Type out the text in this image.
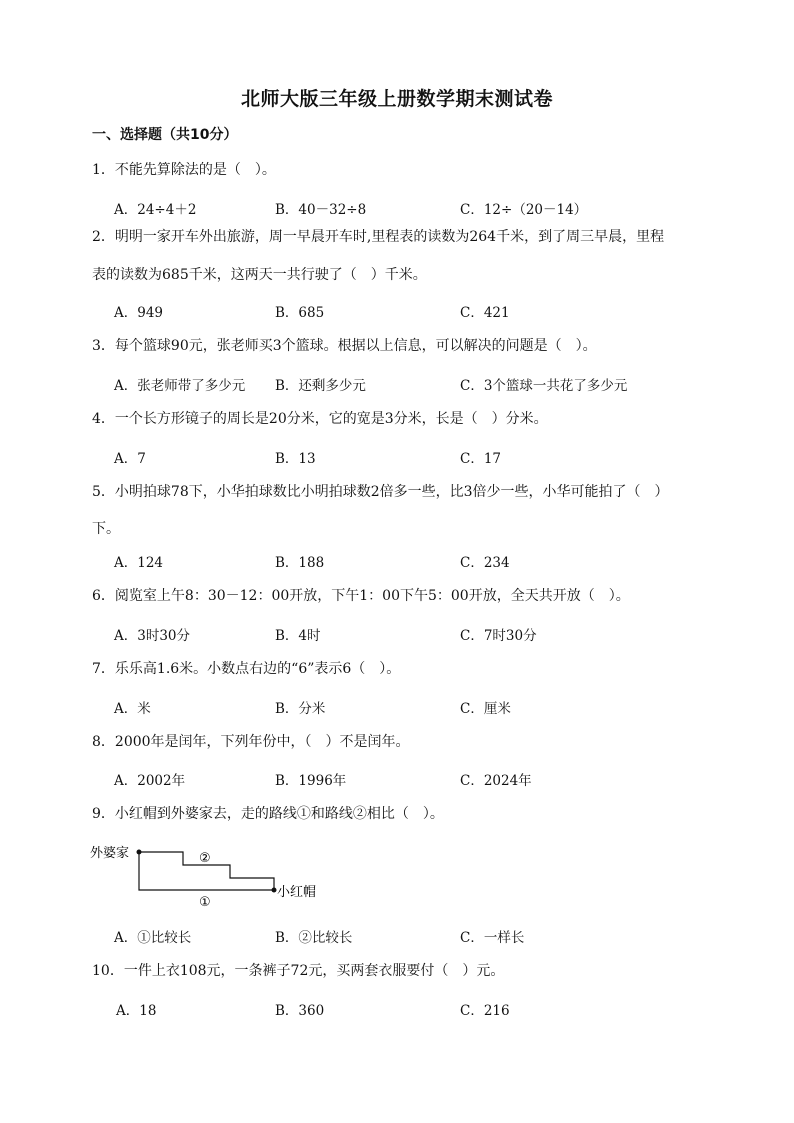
北师大版三年级上册数学期末测试卷
一、选择题（共10分）
1．不能先算除法的是（　）。
A．24÷4＋2	B．40－32÷8	C．12÷（20－14）
2．明明一家开车外出旅游，周一早晨开车时,里程表的读数为264千米，到了周三早晨，里程
表的读数为685千米，这两天一共行驶了（　）千米。
A．949	B．685	C．421
3．每个篮球90元，张老师买3个篮球。根据以上信息，可以解决的问题是（　）。
A．张老师带了多少元 B．还剩多少元	C．3个篮球一共花了多少元
4．一个长方形镜子的周长是20分米，它的宽是3分米，长是（　）分米。
A．7	B．13	C．17
5．小明拍球78下，小华拍球数比小明拍球数2倍多一些，比3倍少一些，小华可能拍了（　）
下。
A．124	B．188	C．234
6．阅览室上午8：30－12：00开放，下午1：00下午5：00开放，全天共开放（　）。
A．3时30分	B．4时	C．7时30分
7．乐乐高1.6米。小数点右边的“6”表示6（　）。
A．米	B．分米	C．厘米
8．2000年是闰年，下列年份中，（　）不是闰年。
A．2002年	B．1996年	C．2024年
9．小红帽到外婆家去，走的路线①和路线②相比（　）。
外婆家	②
①
小红帽
A．①比较长	B．②比较长	C．一样长
10．一件上衣108元，一条裤子72元，买两套衣服要付（　）元。
A．18	B．360	C．216
